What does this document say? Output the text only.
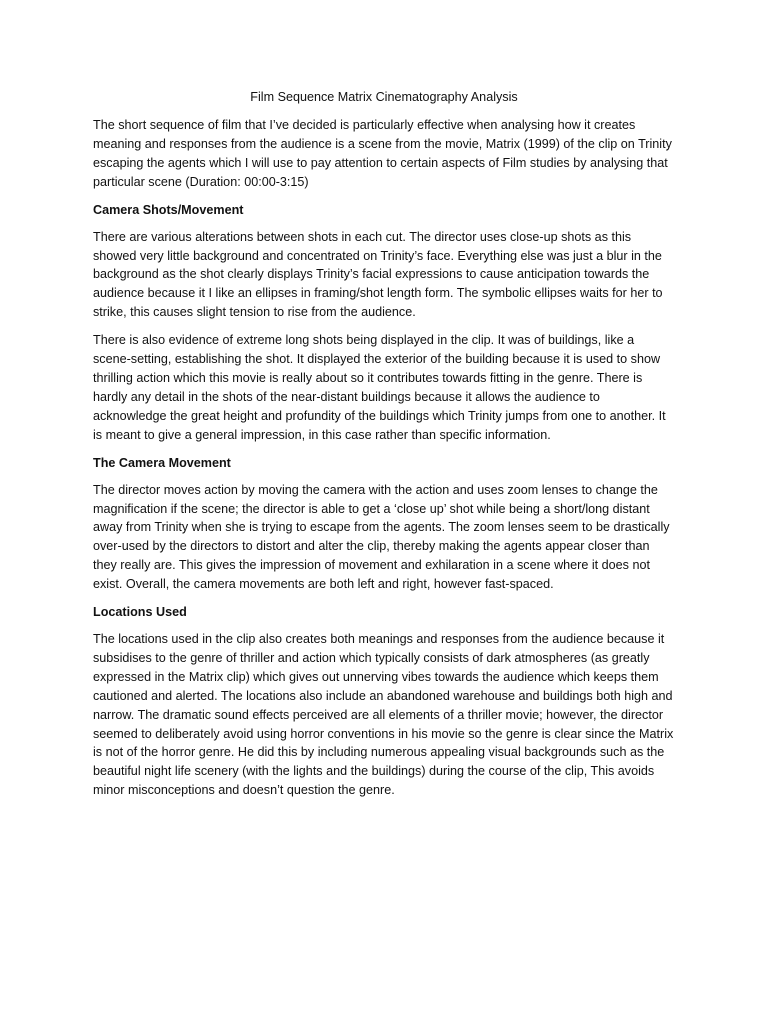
Film Sequence Matrix Cinematography Analysis

The short sequence of film that I’ve decided is particularly effective when analysing how it creates meaning and responses from the audience is a scene from the movie, Matrix (1999) of the clip on Trinity escaping the agents which I will use to pay attention to certain aspects of Film studies by analysing that particular scene (Duration: 00:00-3:15)

Camera Shots/Movement

There are various alterations between shots in each cut. The director uses close-up shots as this showed very little background and concentrated on Trinity’s face. Everything else was just a blur in the background as the shot clearly displays Trinity’s facial expressions to cause anticipation towards the audience because it I like an ellipses in framing/shot length form. The symbolic ellipses waits for her to strike, this causes slight tension to rise from the audience.

There is also evidence of extreme long shots being displayed in the clip. It was of buildings, like a scene-setting, establishing the shot. It displayed the exterior of the building because it is used to show thrilling action which this movie is really about so it contributes towards fitting in the genre. There is hardly any detail in the shots of the near-distant buildings because it allows the audience to acknowledge the great height and profundity of the buildings which Trinity jumps from one to another. It is meant to give a general impression, in this case rather than specific information.

The Camera Movement

The director moves action by moving the camera with the action and uses zoom lenses to change the magnification if the scene; the director is able to get a ‘close up’ shot while being a short/long distant away from Trinity when she is trying to escape from the agents. The zoom lenses seem to be drastically over-used by the directors to distort and alter the clip, thereby making the agents appear closer than they really are. This gives the impression of movement and exhilaration in a scene where it does not exist. Overall, the camera movements are both left and right, however fast-spaced.

Locations Used

The locations used in the clip also creates both meanings and responses from the audience because it subsidises to the genre of thriller and action which typically consists of dark atmospheres (as greatly expressed in the Matrix clip) which gives out unnerving vibes towards the audience which keeps them cautioned and alerted. The locations also include an abandoned warehouse and buildings both high and narrow. The dramatic sound effects perceived are all elements of a thriller movie; however, the director seemed to deliberately avoid using horror conventions in his movie so the genre is clear since the Matrix is not of the horror genre. He did this by including numerous appealing visual backgrounds such as the beautiful night life scenery (with the lights and the buildings) during the course of the clip, This avoids minor misconceptions and doesn’t question the genre.
